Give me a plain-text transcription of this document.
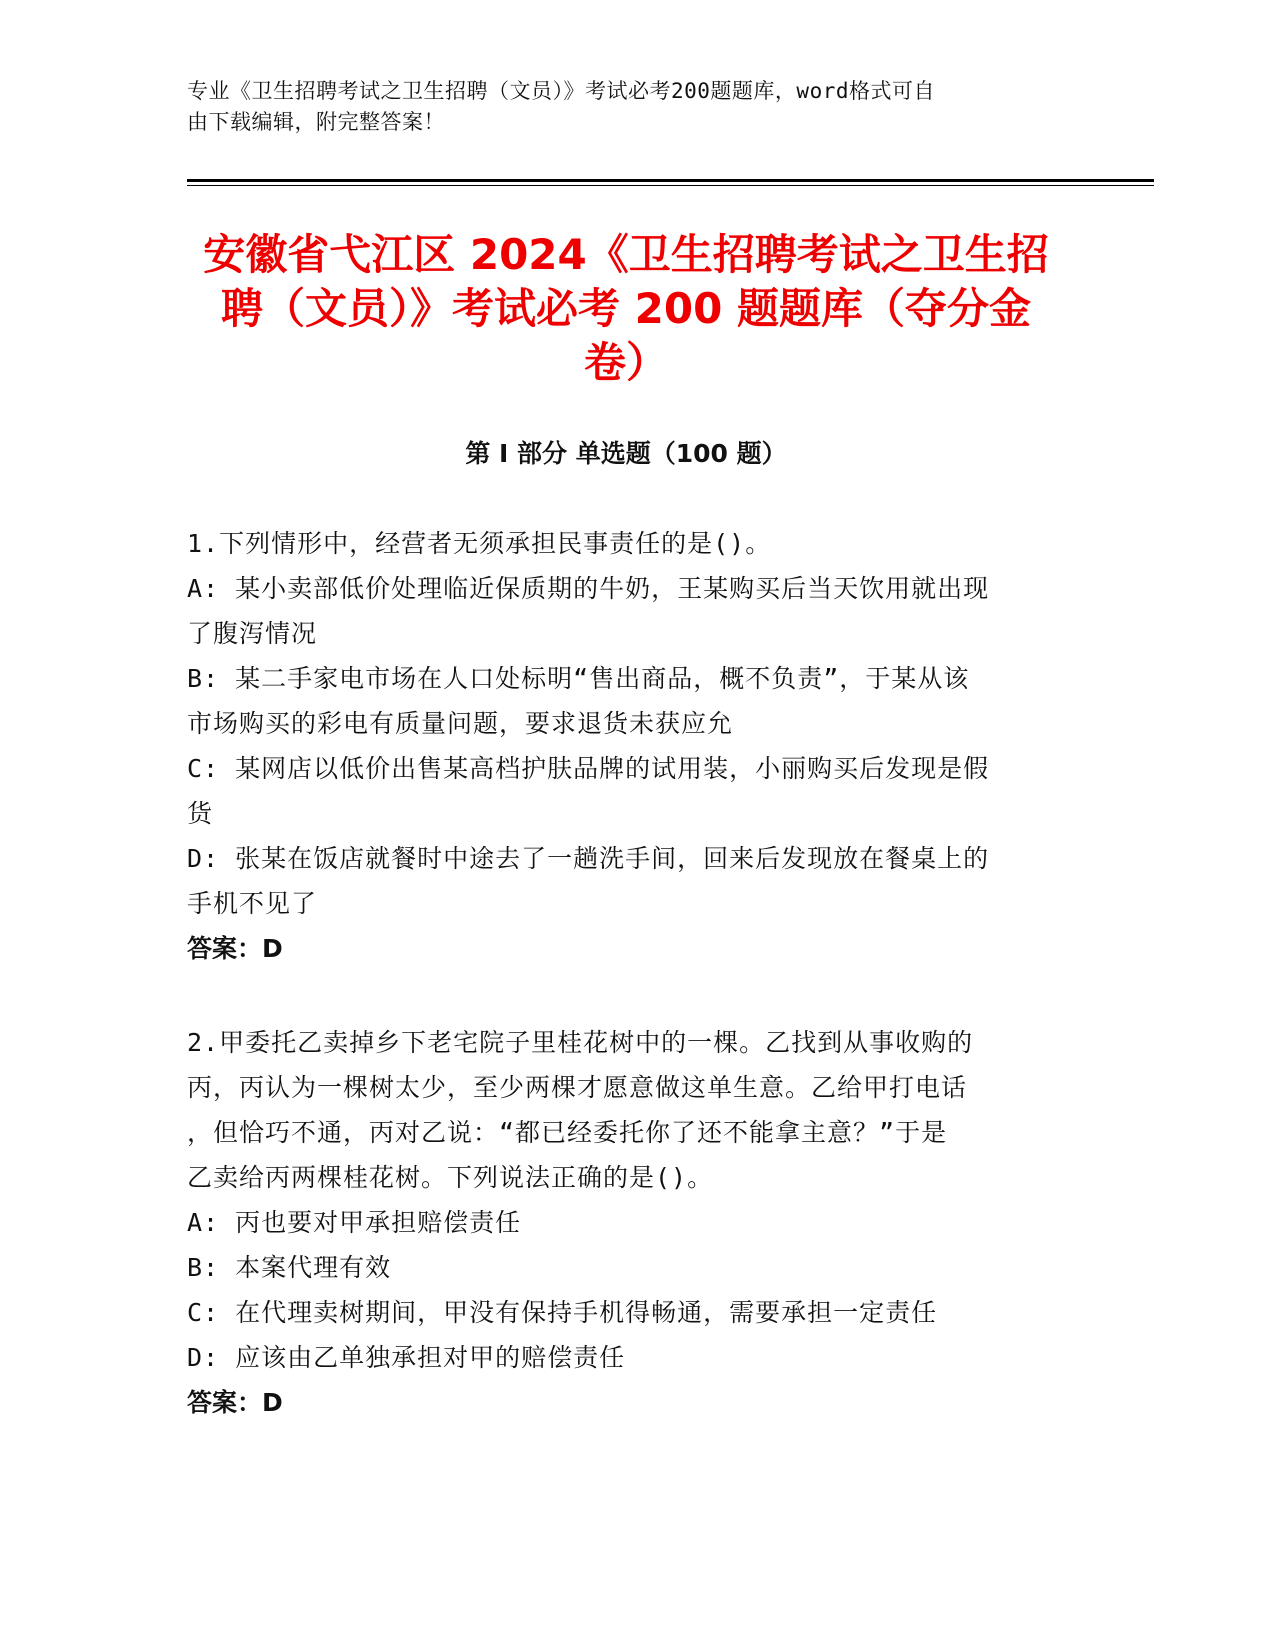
专业《卫生招聘考试之卫生招聘（文员）》考试必考200题题库，word格式可自
由下载编辑，附完整答案！
安徽省弋江区 2024《卫生招聘考试之卫生招
聘（文员）》考试必考 200 题题库（夺分金
卷）
第 I 部分 单选题（100 题）

1.下列情形中，经营者无须承担民事责任的是()。

A: 某小卖部低价处理临近保质期的牛奶，王某购买后当天饮用就出现

了腹泻情况

B: 某二手家电市场在人口处标明“售出商品，概不负责”，于某从该

市场购买的彩电有质量问题，要求退货未获应允

C: 某网店以低价出售某高档护肤品牌的试用装，小丽购买后发现是假

货

D: 张某在饭店就餐时中途去了一趟洗手间，回来后发现放在餐桌上的

手机不见了

答案：D

2.甲委托乙卖掉乡下老宅院子里桂花树中的一棵。乙找到从事收购的

丙，丙认为一棵树太少，至少两棵才愿意做这单生意。乙给甲打电话

，但恰巧不通，丙对乙说：“都已经委托你了还不能拿主意？”于是

乙卖给丙两棵桂花树。下列说法正确的是()。

A: 丙也要对甲承担赔偿责任

B: 本案代理有效

C: 在代理卖树期间，甲没有保持手机得畅通，需要承担一定责任

D: 应该由乙单独承担对甲的赔偿责任

答案：D
